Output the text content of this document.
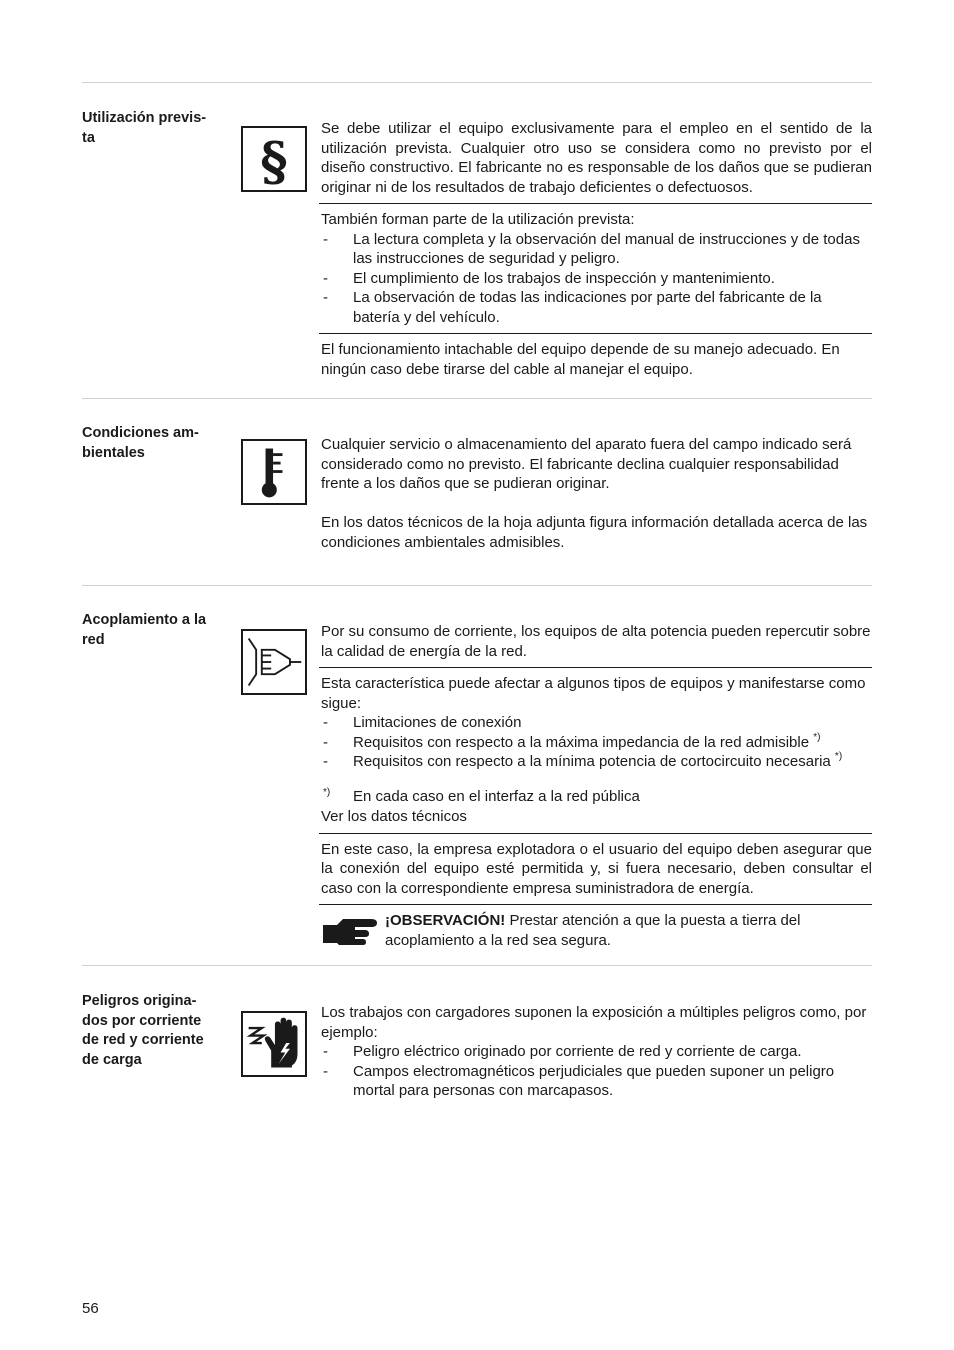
Utilización previs-
ta	§
Se debe utilizar el equipo exclusivamente para el empleo en el sentido de la utilización prevista. Cualquier otro uso se considera como no previsto por el diseño constructivo. El fabricante no es responsable de los daños que se pudieran originar ni de los resultados de trabajo deficientes o defectuosos.
También forman parte de la utilización prevista:
- La lectura completa y la observación del manual de instrucciones y de todas las instrucciones de seguridad y peligro.
- El cumplimiento de los trabajos de inspección y mantenimiento.
- La observación de todas las indicaciones por parte del fabricante de la batería y del vehículo.
El funcionamiento intachable del equipo depende de su manejo adecuado. En ningún caso debe tirarse del cable al manejar el equipo.
Condiciones am-
bientales	Cualquier servicio o almacenamiento del aparato fuera del campo indicado será considerado como no previsto. El fabricante declina cualquier responsabilidad frente a los daños que se pudieran originar.
En los datos técnicos de la hoja adjunta figura información detallada acerca de las condiciones ambientales admisibles.
Acoplamiento a la
red	Por su consumo de corriente, los equipos de alta potencia pueden repercutir sobre la calidad de energía de la red.
Esta característica puede afectar a algunos tipos de equipos y manifestarse como sigue:
- Limitaciones de conexión
- Requisitos con respecto a la máxima impedancia de la red admisible *)
- Requisitos con respecto a la mínima potencia de cortocircuito necesaria *)
*) En cada caso en el interfaz a la red pública
Ver los datos técnicos
En este caso, la empresa explotadora o el usuario del equipo deben asegurar que la conexión del equipo esté permitida y, si fuera necesario, deben consultar el caso con la correspondiente empresa suministradora de energía.
¡OBSERVACIÓN! Prestar atención a que la puesta a tierra del acoplamiento a la red sea segura.
Peligros origina-
dos por corriente
de red y corriente
de carga
Los trabajos con cargadores suponen la exposición a múltiples peligros como, por ejemplo:
- Peligro eléctrico originado por corriente de red y corriente de carga.
- Campos electromagnéticos perjudiciales que pueden suponer un peligro mortal para personas con marcapasos.
56
